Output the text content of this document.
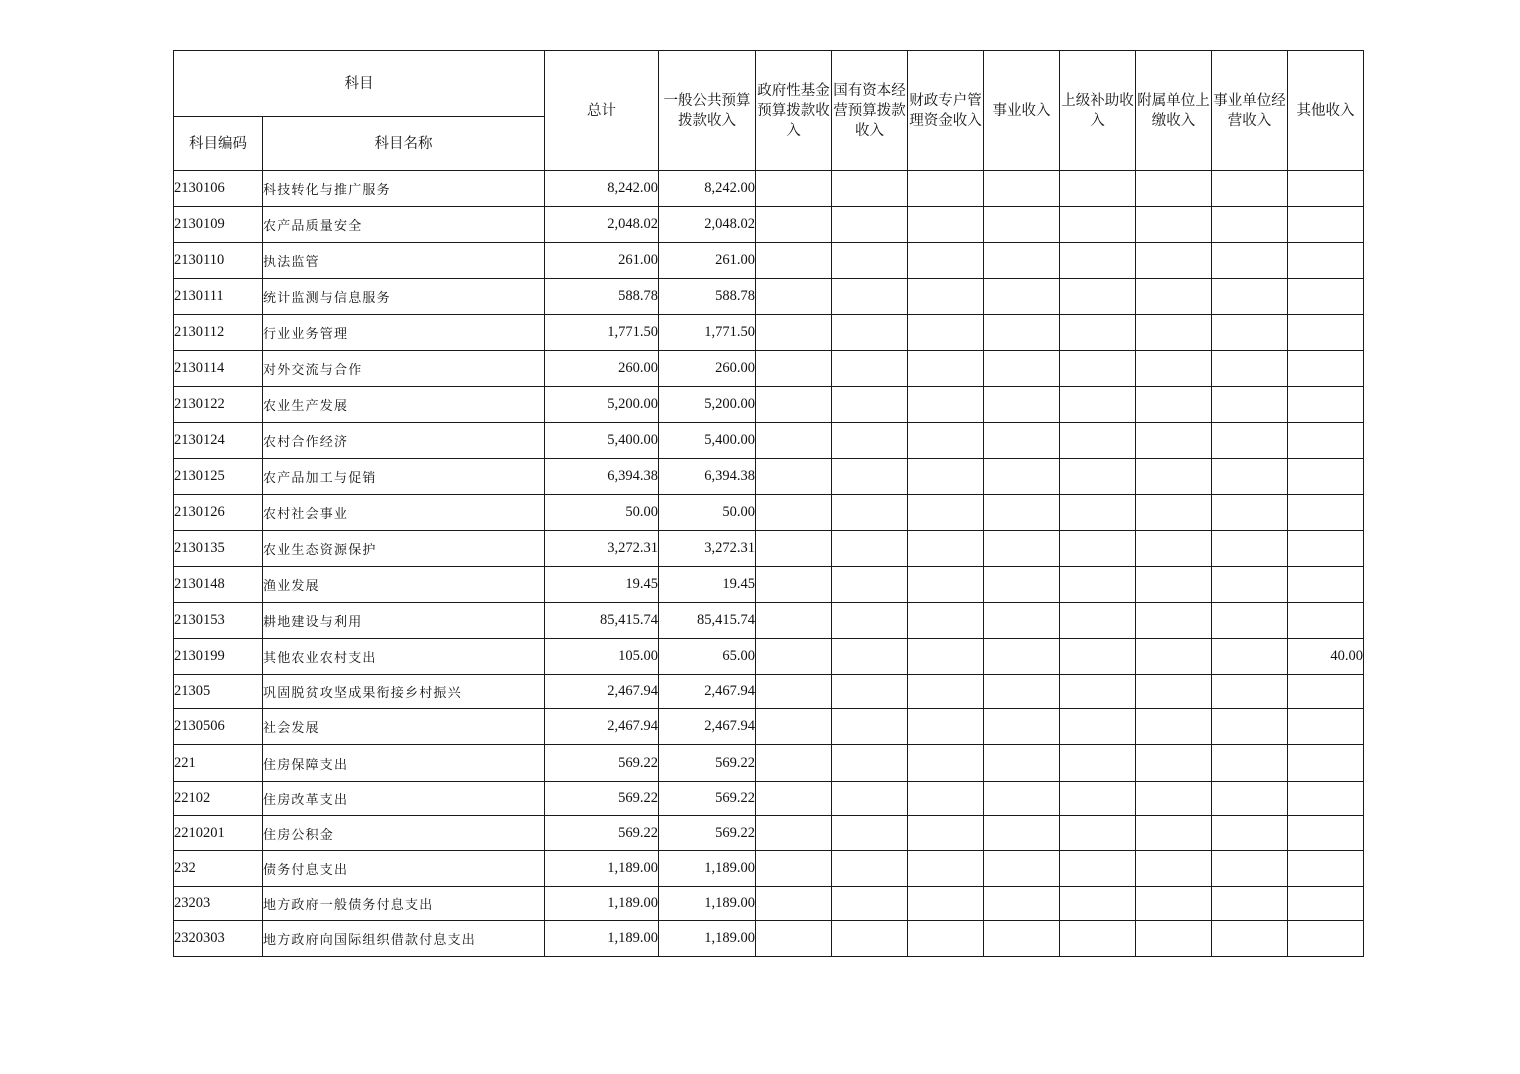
科目		总计	一般公共预算拨款收入	政府性基金预算拨款收入	国有资本经营预算拨款收入	财政专户管理资金收入	事业收入	上级补助收入	附属单位上缴收入	事业单位经营收入	其他收入
科目编码	科目名称										
2130106	科技转化与推广服务	8,242.00	8,242.00								
2130109	农产品质量安全	2,048.02	2,048.02								
2130110	执法监管	261.00	261.00								
2130111	统计监测与信息服务	588.78	588.78								
2130112	行业业务管理	1,771.50	1,771.50								
2130114	对外交流与合作	260.00	260.00								
2130122	农业生产发展	5,200.00	5,200.00								
2130124	农村合作经济	5,400.00	5,400.00								
2130125	农产品加工与促销	6,394.38	6,394.38								
2130126	农村社会事业	50.00	50.00								
2130135	农业生态资源保护	3,272.31	3,272.31								
2130148	渔业发展	19.45	19.45								
2130153	耕地建设与利用	85,415.74	85,415.74								
2130199	其他农业农村支出	105.00	65.00								40.00
21305	巩固脱贫攻坚成果衔接乡村振兴	2,467.94	2,467.94								
2130506	社会发展	2,467.94	2,467.94								
221	住房保障支出	569.22	569.22								
22102	住房改革支出	569.22	569.22								
2210201	住房公积金	569.22	569.22								
232	债务付息支出	1,189.00	1,189.00								
23203	地方政府一般债务付息支出	1,189.00	1,189.00								
2320303	地方政府向国际组织借款付息支出	1,189.00	1,189.00								
